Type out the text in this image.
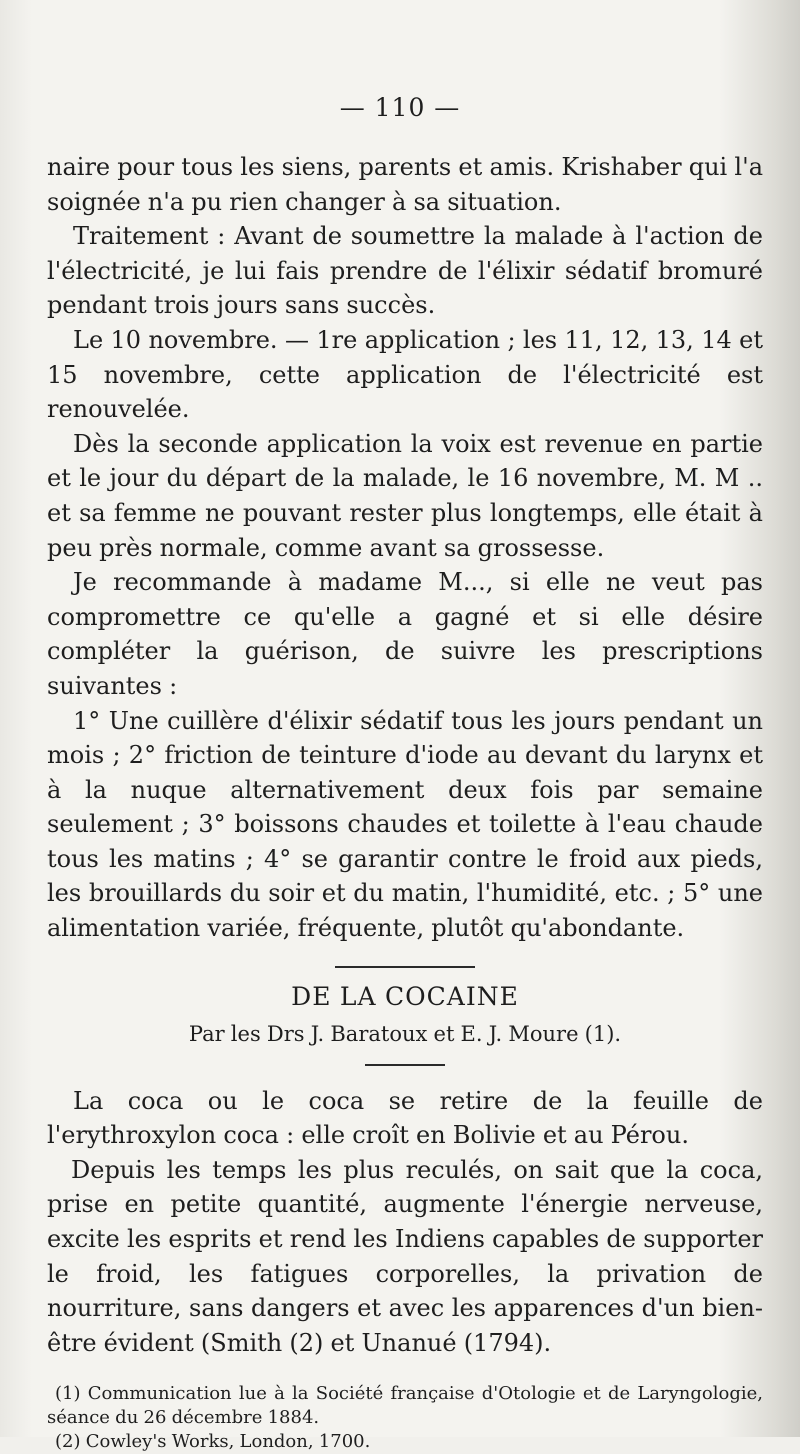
— 110 —

naire pour tous les siens, parents et amis. Krishaber qui l'a soignée n'a pu rien changer à sa situation.

Traitement : Avant de soumettre la malade à l'action de l'électricité, je lui fais prendre de l'élixir sédatif bromuré pendant trois jours sans succès.

Le 10 novembre. — 1re application ; les 11, 12, 13, 14 et 15 novembre, cette application de l'électricité est renouvelée.

Dès la seconde application la voix est revenue en partie et le jour du départ de la malade, le 16 novembre, M. M .. et sa femme ne pouvant rester plus longtemps, elle était à peu près normale, comme avant sa grossesse.

Je recommande à madame M..., si elle ne veut pas compromettre ce qu'elle a gagné et si elle désire compléter la guérison, de suivre les prescriptions suivantes :

1° Une cuillère d'élixir sédatif tous les jours pendant un mois ; 2° friction de teinture d'iode au devant du larynx et à la nuque alternativement deux fois par semaine seulement ; 3° boissons chaudes et toilette à l'eau chaude tous les matins ; 4° se garantir contre le froid aux pieds, les brouillards du soir et du matin, l'humidité, etc. ; 5° une alimentation variée, fréquente, plutôt qu'abondante.

DE LA COCAINE
Par les Drs J. Baratoux et E. J. Moure (1).

La coca ou le coca se retire de la feuille de l'erythroxylon coca : elle croît en Bolivie et au Pérou.

Depuis les temps les plus reculés, on sait que la coca, prise en petite quantité, augmente l'énergie nerveuse, excite les esprits et rend les Indiens capables de supporter le froid, les fatigues corporelles, la privation de nourriture, sans dangers et avec les apparences d'un bien-être évident (Smith (2) et Unanué (1794).

(1) Communication lue à la Société française d'Otologie et de Laryngologie, séance du 26 décembre 1884.

(2) Cowley's Works, London, 1700.
